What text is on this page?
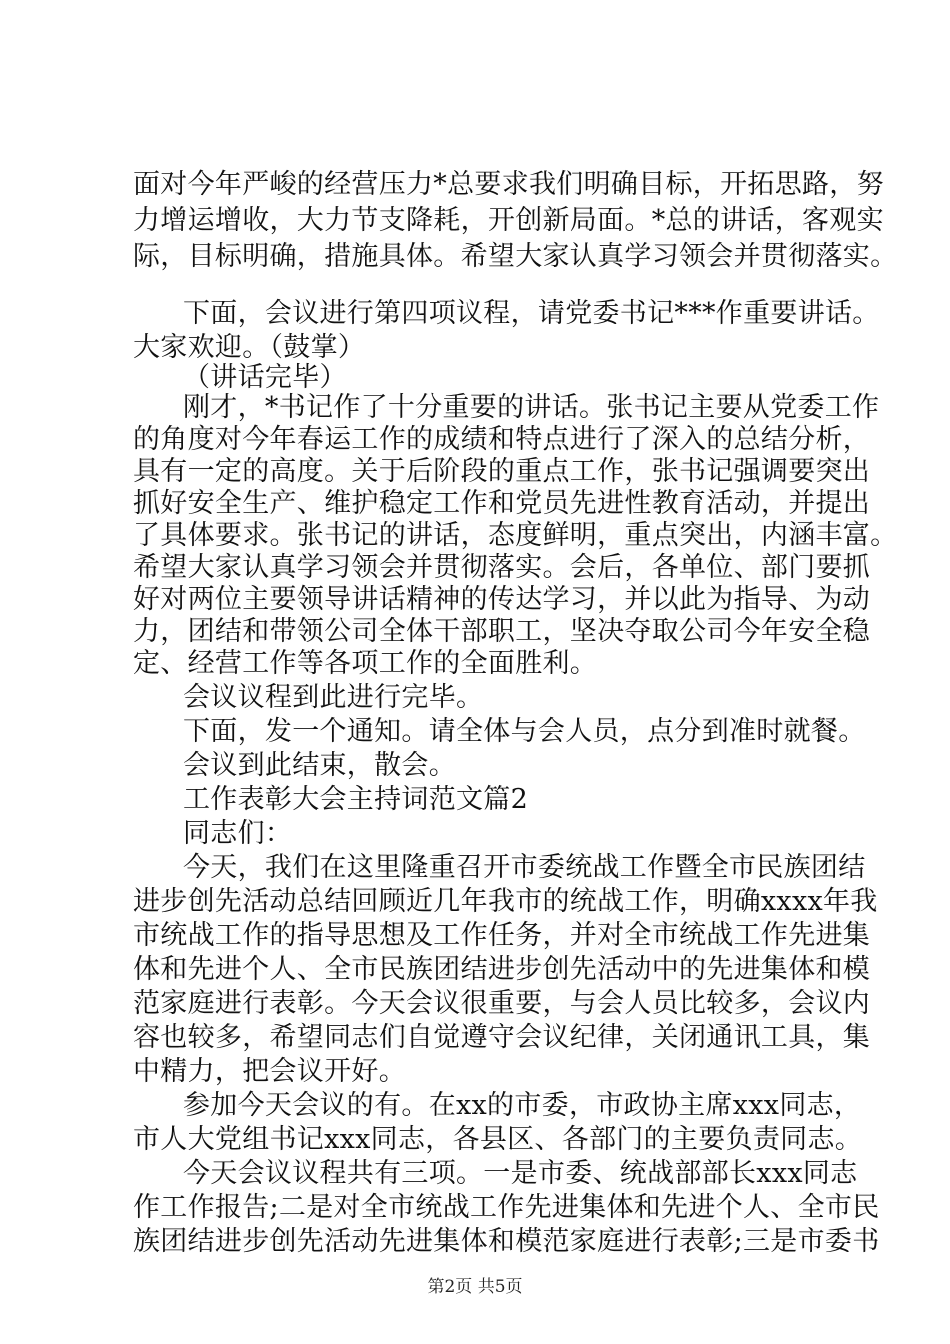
面对今年严峻的经营压力*总要求我们明确目标，开拓思路，努
力增运增收，大力节支降耗，开创新局面。*总的讲话，客观实
际，目标明确，措施具体。希望大家认真学习领会并贯彻落实。
下面，会议进行第四项议程，请党委书记***作重要讲话。
大家欢迎。（鼓掌）
（讲话完毕）
刚才，*书记作了十分重要的讲话。张书记主要从党委工作
的角度对今年春运工作的成绩和特点进行了深入的总结分析，
具有一定的高度。关于后阶段的重点工作，张书记强调要突出
抓好安全生产、维护稳定工作和党员先进性教育活动，并提出
了具体要求。张书记的讲话，态度鲜明，重点突出，内涵丰富。
希望大家认真学习领会并贯彻落实。会后，各单位、部门要抓
好对两位主要领导讲话精神的传达学习，并以此为指导、为动
力，团结和带领公司全体干部职工，坚决夺取公司今年安全稳
定、经营工作等各项工作的全面胜利。
会议议程到此进行完毕。
下面，发一个通知。请全体与会人员，点分到准时就餐。
会议到此结束，散会。
工作表彰大会主持词范文篇2
同志们：
今天，我们在这里隆重召开市委统战工作暨全市民族团结
进步创先活动总结回顾近几年我市的统战工作，明确xxxx年我
市统战工作的指导思想及工作任务，并对全市统战工作先进集
体和先进个人、全市民族团结进步创先活动中的先进集体和模
范家庭进行表彰。今天会议很重要，与会人员比较多，会议内
容也较多，希望同志们自觉遵守会议纪律，关闭通讯工具，集
中精力，把会议开好。
参加今天会议的有。在xx的市委，市政协主席xxx同志，
市人大党组书记xxx同志，各县区、各部门的主要负责同志。
今天会议议程共有三项。一是市委、统战部部长xxx同志
第2页 共5页
作工作报告;二是对全市统战工作先进集体和先进个人、全市民
族团结进步创先活动先进集体和模范家庭进行表彰;三是市委书
